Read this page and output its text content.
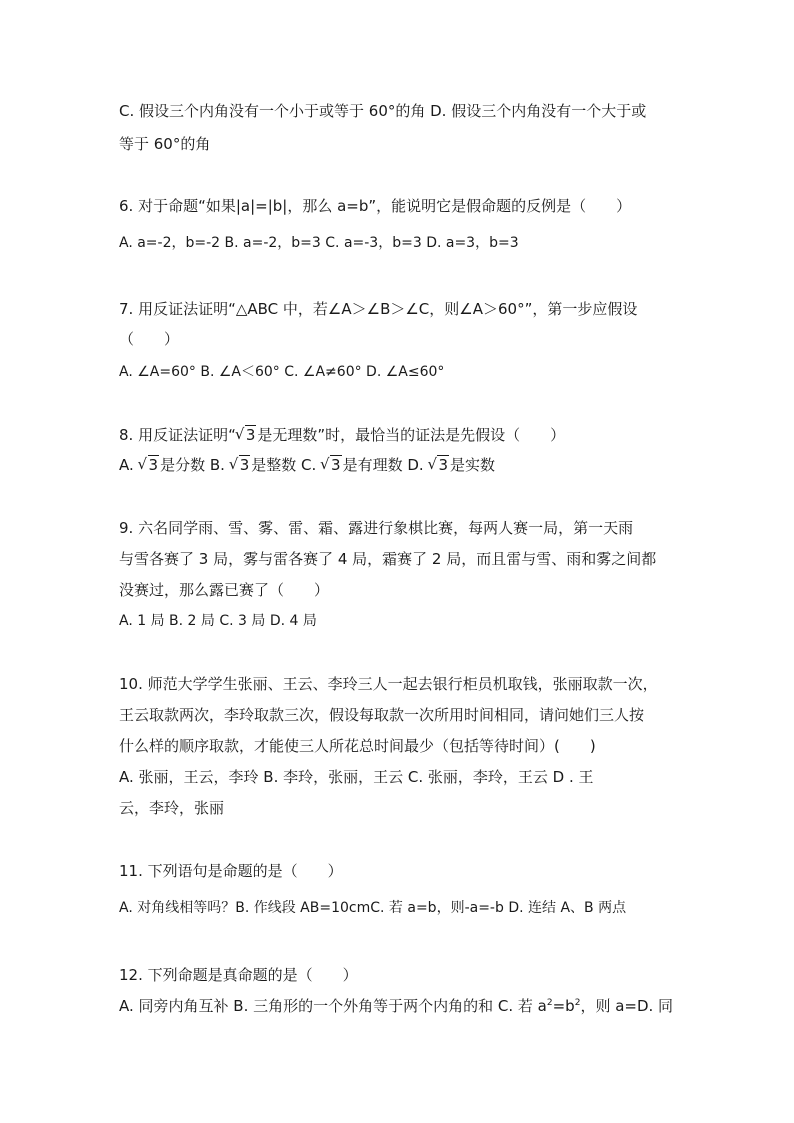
C. 假设三个内角没有一个小于或等于 60°的角 D. 假设三个内角没有一个大于或
等于 60°的角
6. 对于命题“如果|a|=|b|，那么 a=b”，能说明它是假命题的反例是（　　）
A. a=-2，b=-2 B. a=-2，b=3 C. a=-3，b=3 D. a=3，b=3
7. 用反证法证明“△ABC 中，若∠A＞∠B＞∠C，则∠A＞60°”，第一步应假设
（　　）
A. ∠A=60° B. ∠A＜60° C. ∠A≠60° D. ∠A≤60°
8. 用反证法证明“√ 3 是无理数”时，最恰当的证法是先假设（　　）
A. √ 3 是分数 B. √ 3 是整数 C. √ 3 是有理数 D. √ 3 是实数
9. 六名同学雨、雪、雾、雷、霜、露进行象棋比赛，每两人赛一局，第一天雨
与雪各赛了 3 局，雾与雷各赛了 4 局，霜赛了 2 局，而且雷与雪、雨和雾之间都
没赛过，那么露已赛了（　　）
A. 1 局 B. 2 局 C. 3 局 D. 4 局
10. 师范大学学生张丽、王云、李玲三人一起去银行柜员机取钱，张丽取款一次，
王云取款两次，李玲取款三次，假设每取款一次所用时间相同，请问她们三人按
什么样的顺序取款，才能使三人所花总时间最少（包括等待时间）(　　)
A. 张丽，王云，李玲 B. 李玲，张丽，王云 C. 张丽，李玲，王云 D . 王
云，李玲，张丽
11. 下列语句是命题的是（　　）
A. 对角线相等吗？B. 作线段 AB=10cmC. 若 a=b，则-a=-b D. 连结 A、B 两点
12. 下列命题是真命题的是（　　）
A. 同旁内角互补 B. 三角形的一个外角等于两个内角的和 C. 若 $a^2=b^2$，则 a=D. 同
